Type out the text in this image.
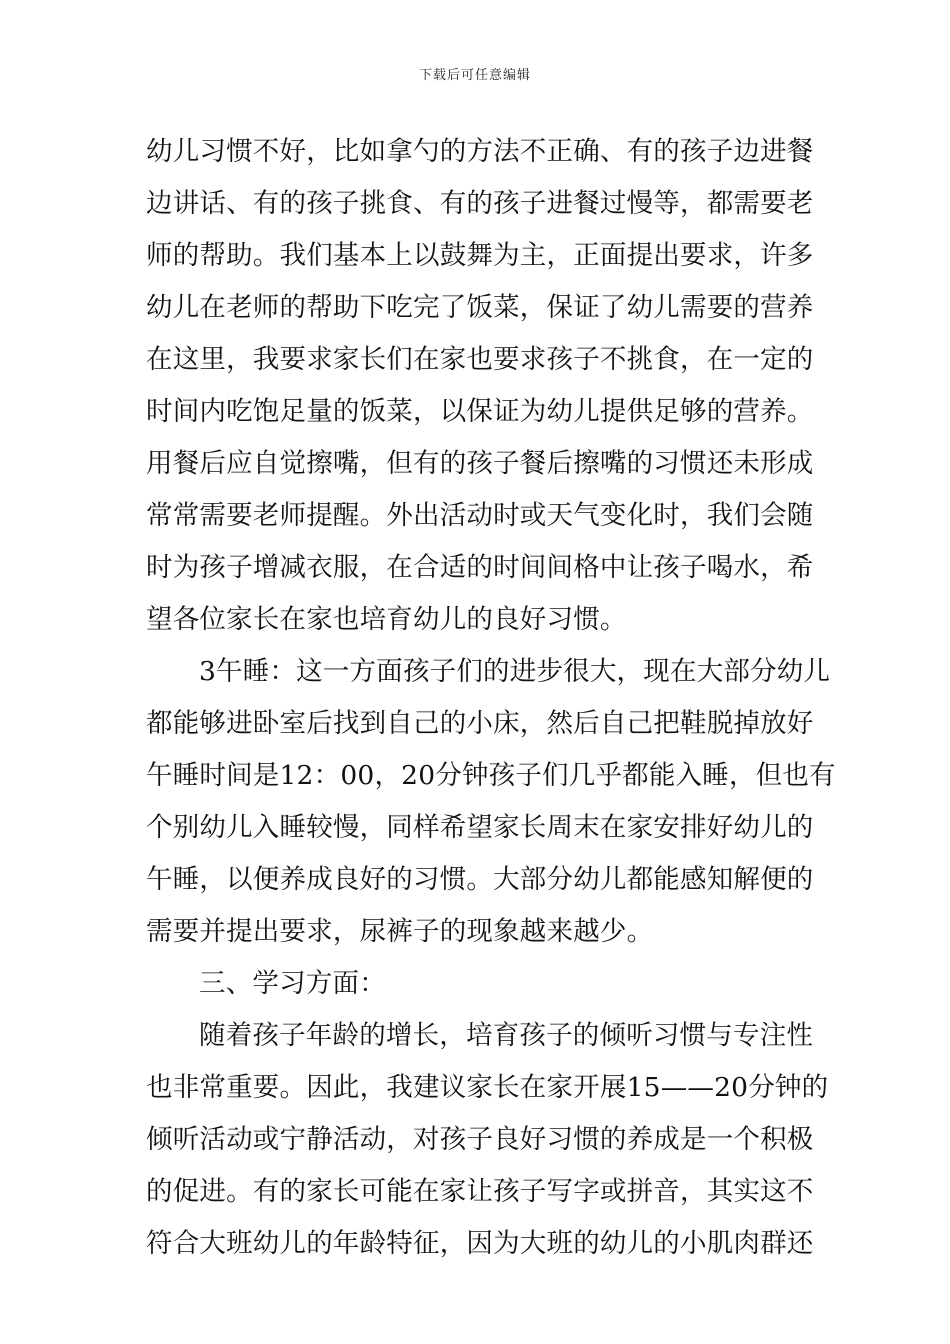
下载后可任意编辑
幼儿习惯不好，比如拿勺的方法不正确、有的孩子边进餐
边讲话、有的孩子挑食、有的孩子进餐过慢等，都需要老
师的帮助。我们基本上以鼓舞为主，正面提出要求，许多
幼儿在老师的帮助下吃完了饭菜，保证了幼儿需要的营养
在这里，我要求家长们在家也要求孩子不挑食，在一定的
时间内吃饱足量的饭菜，以保证为幼儿提供足够的营养。
用餐后应自觉擦嘴，但有的孩子餐后擦嘴的习惯还未形成
常常需要老师提醒。外出活动时或天气变化时，我们会随
时为孩子增减衣服，在合适的时间间格中让孩子喝水，希
望各位家长在家也培育幼儿的良好习惯。
3午睡：这一方面孩子们的进步很大，现在大部分幼儿
都能够进卧室后找到自己的小床，然后自己把鞋脱掉放好
午睡时间是12：00，20分钟孩子们几乎都能入睡，但也有
个别幼儿入睡较慢，同样希望家长周末在家安排好幼儿的
午睡，以便养成良好的习惯。大部分幼儿都能感知解便的
需要并提出要求，尿裤子的现象越来越少。
三、学习方面：
随着孩子年龄的增长，培育孩子的倾听习惯与专注性
也非常重要。因此，我建议家长在家开展15——20分钟的
倾听活动或宁静活动，对孩子良好习惯的养成是一个积极
的促进。有的家长可能在家让孩子写字或拼音，其实这不
符合大班幼儿的年龄特征，因为大班的幼儿的小肌肉群还
